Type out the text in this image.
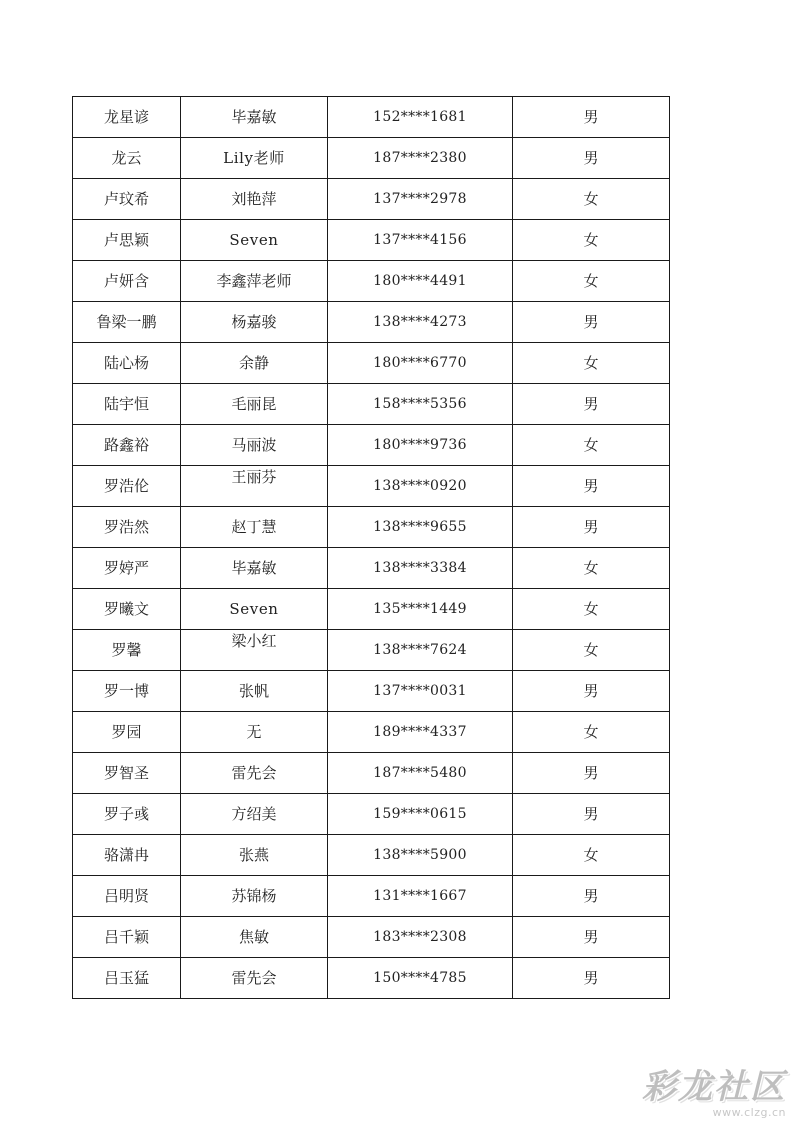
龙星谚	毕嘉敏	152****1681	男
龙云	Lily老师	187****2380	男
卢玟希	刘艳萍	137****2978	女
卢思颖	Seven	137****4156	女
卢妍含	李鑫萍老师	180****4491	女
鲁梁一鹏	杨嘉骏	138****4273	男
陆心杨	余静	180****6770	女
陆宇恒	毛丽昆	158****5356	男
路鑫裕	马丽波	180****9736	女
罗浩伦	王丽芬	138****0920	男
罗浩然	赵丁慧	138****9655	男
罗婷严	毕嘉敏	138****3384	女
罗曦文	Seven	135****1449	女
罗馨	梁小红	138****7624	女
罗一博	张帆	137****0031	男
罗园	无	189****4337	女
罗智圣	雷先会	187****5480	男
罗子彧	方绍美	159****0615	男
骆潇冉	张燕	138****5900	女
吕明贤	苏锦杨	131****1667	男
吕千颖	焦敏	183****2308	男
吕玉猛	雷先会	150****4785	男
彩龙社区
www.clzg.cn
